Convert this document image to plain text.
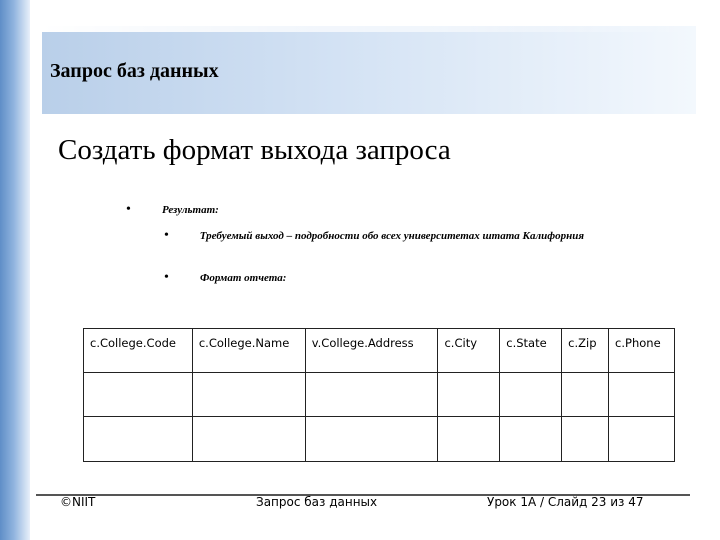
Запрос баз данных
Создать формат выхода запроса
•	Результат:
•	Требуемый выход – подробности обо всех университетах штата Калифорния
•	Формат отчета:
c.College.Code	c.College.Name	v.College.Address	c.City	c.State	c.Zip	c.Phone

©NIIT	Запрос баз данных	Урок 1А / Слайд 23 из 47
